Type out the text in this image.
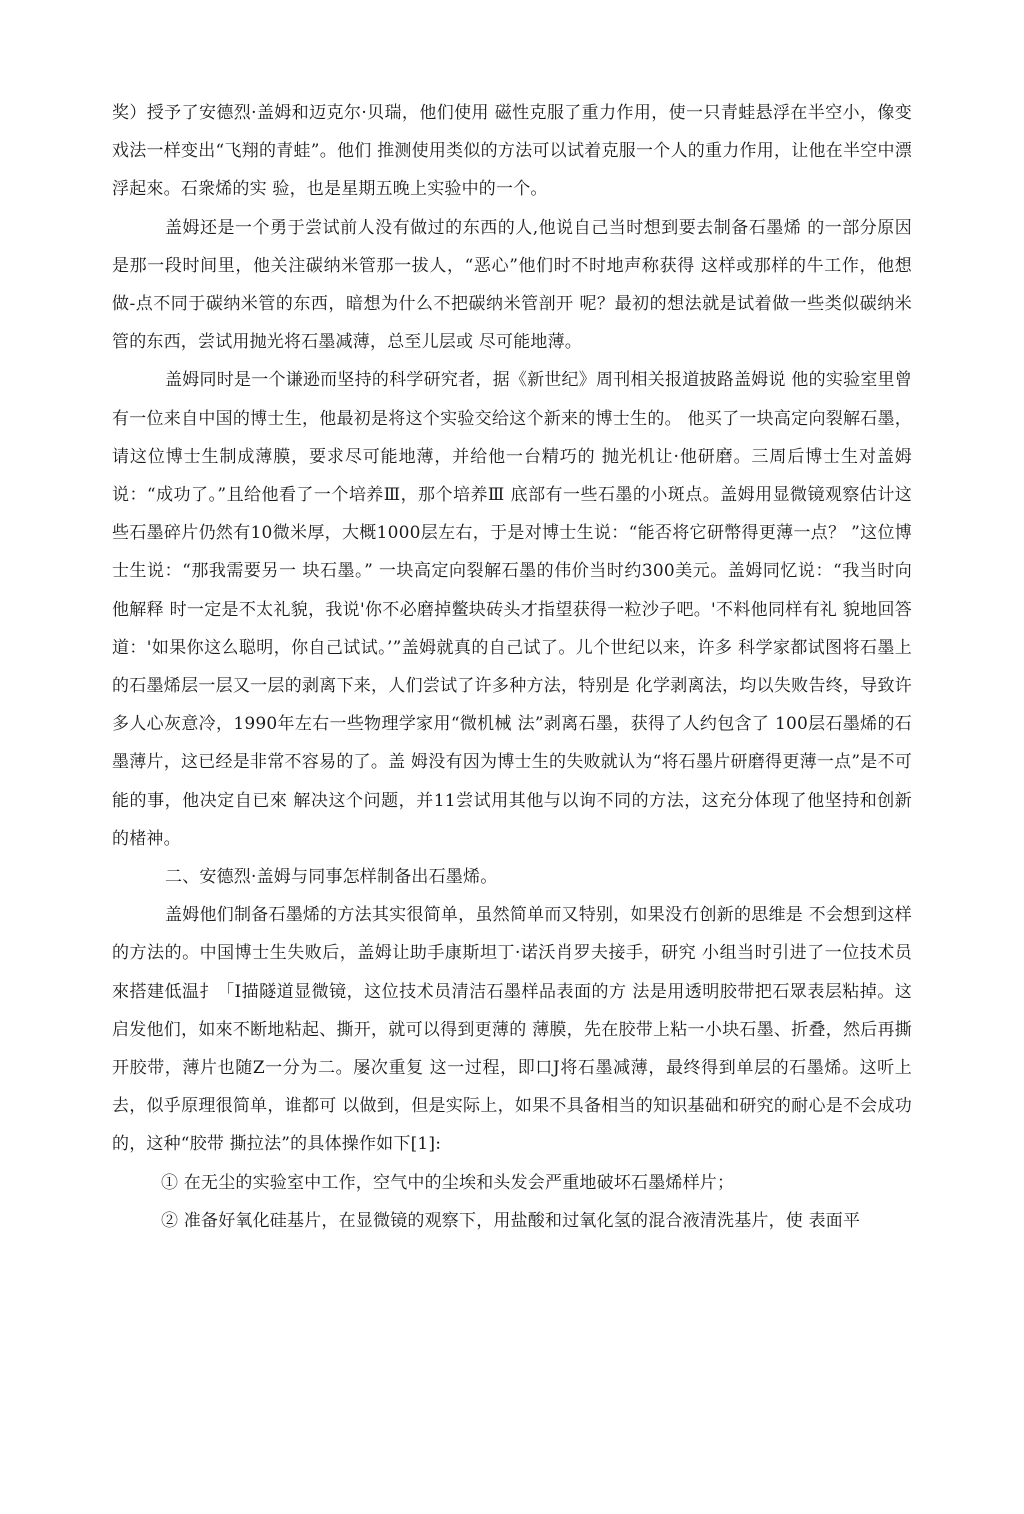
奖）授予了安德烈·盖姆和迈克尔·贝瑞，他们使用 磁性克服了重力作用，使一只青蛙悬浮在半空小，像变戏法一样变出“飞翔的青蛙”。他们 推测使用类似的方法可以试着克服一个人的重力作用，让他在半空中漂浮起來。石衆烯的实 验，也是星期五晚上实验中的一个。

盖姆还是一个勇于尝试前人没有做过的东西的人,他说自己当时想到要去制备石墨烯 的一部分原因是那一段时间里，他关注碳纳米管那一拔人，“恶心”他们时不时地声称获得 这样或那样的牛工作，他想做-点不同于碳纳米管的东西，暗想为什么不把碳纳米管剖开 呢？最初的想法就是试着做一些类似碳纳米管的东西，尝试用抛光将石墨减薄，总至儿层或 尽可能地薄。

盖姆同时是一个谦逊而坚持的科学研究者，据《新世纪》周刊相关报道披路盖姆说 他的实验室里曾有一位来自中国的博士生，他最初是将这个实验交给这个新来的博士生的。 他买了一块高定向裂解石墨，请这位博士生制成薄膜，要求尽可能地薄，并给他一台精巧的 抛光机让·他研磨。三周后博士生对盖姆说：“成功了。”且给他看了一个培养Ⅲ，那个培养Ⅲ 底部有一些石墨的小斑点。盖姆用显微镜观察估计这些石墨碎片仍然有10微米厚，大概1000层左右，于是对博士生说：“能否将它研幣得更薄一点？ ”这位博士生说：“那我需要另一 块石墨。” 一块高定向裂解石墨的伟价当时约300美元。盖姆同忆说：“我当时向他解释 时一定是不太礼貌，我说'你不必磨掉鳖块砖头才指望获得一粒沙子吧。'不料他同样有礼 貌地回答道：'如果你这么聪明，你自己试试。’”盖姆就真的自己试了。儿个世纪以来，许多 科学家都试图将石墨上的石墨烯层一层又一层的剥离下来，人们尝试了许多种方法，特别是 化学剥离法，均以失败告终，导致许多人心灰意冷，1990年左右一些物理学家用“微机械 法”剥离石墨，获得了人约包含了 100层石墨烯的石墨薄片，这已经是非常不容易的了。盖 姆没有因为博士生的失败就认为“将石墨片研磨得更薄一点”是不可能的事，他决定自已來 解决这个问题，并11尝试用其他与以询不同的方法，这充分体现了他坚持和创新的楮神。

二、安德烈·盖姆与同事怎样制备出石墨烯。

盖姆他们制备石墨烯的方法其实很简单，虽然简单而又特别，如果没冇创新的思维是 不会想到这样的方法的。中国博士生失败后，盖姆让助手康斯坦丁·诺沃肖罗夫接手，研究 小组当时引进了一位技术员來搭建低温扌「I描隧道显微镜，这位技术员清洁石墨样品表面的方 法是用透明胶带把石眾表层粘掉。这启发他们，如來不断地粘起、撕开，就可以得到更薄的 薄膜，先在胶带上粘一小块石墨、折叠，然后再撕开胶带，薄片也随Z一分为二。屡次重复 这一过程，即口J将石墨减薄，最终得到单层的石墨烯。这听上去，似乎原理很简单，谁都可 以做到，但是实际上，如果不具备相当的知识基础和研究的耐心是不会成功的，这种“胶带 撕拉法”的具体操作如下[1]:

① 在无尘的实验室中工作，空气中的尘埃和头发会严重地破坏石墨烯样片；

② 准备好氧化硅基片，在显微镜的观察下，用盐酸和过氧化氢的混合液清洗基片，使 表面平
